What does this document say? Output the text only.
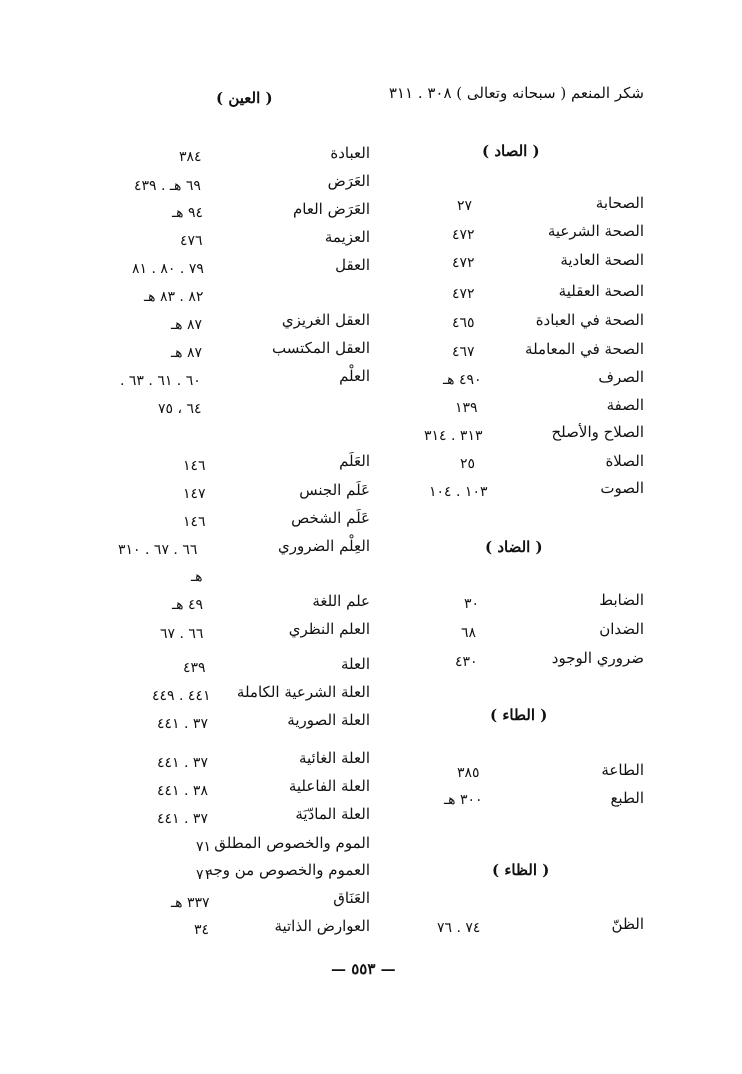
شكر المنعم ( سبحانه وتعالى ) ٣٠٨ . ٣١١
( العين )
( الصاد )
( الضاد )
( الطاء )
( الظاء )
الصحابة
الصحة الشرعية
الصحة العادية
الصحة العقلية
الصحة في العبادة
الصحة في المعاملة
الصرف
الصفة
الصلاح والأصلح
الصلاة
الصوت
الضابط
الضدان
ضروري الوجود
الطاعة
الطبع
الظنّ
٢٧
٤٧٢
٤٧٢
٤٧٢
٤٦٥
٤٦٧
٤٩٠ هـ
١٣٩
٣١٣ . ٣١٤
٢٥
١٠٣ . ١٠٤
٣٠
٦٨
٤٣٠
٣٨٥
٣٠٠ هـ
٧٤ . ٧٦
العبادة
العَرَض
العَرَض العام
العزيمة
العقل
العقل الغريزي
العقل المكتسب
العلْم
العَلَم
عَلَم الجنس
عَلَم الشخص
العِلْم الضروري
علم اللغة
العلم النظري
العلة
العلة الشرعية الكاملة
العلة الصورية
العلة الغائية
العلة الفاعلية
العلة المادّيَة
الموم والخصوص المطلق
العموم والخصوص من وجه
العَنَاق
العوارض الذاتية
٣٨٤
٦٩ هـ . ٤٣٩
٩٤ هـ
٤٧٦
٧٩ . ٨٠ . ٨١
٨٢ . ٨٣ هـ
٨٧ هـ
٨٧ هـ
٦٠ . ٦١ . ٦٣ .
٦٤ ، ٧٥
١٤٦
١٤٧
١٤٦
٦٦ . ٦٧ . ٣١٠
هـ
٤٩ هـ
٦٦ . ٦٧
٤٣٩
٤٤١ . ٤٤٩
٣٧ . ٤٤١
٣٧ . ٤٤١
٣٨ . ٤٤١
٣٧ . ٤٤١
٧١
٧١
٣٣٧ هـ
٣٤
— ٥٥٣ —
